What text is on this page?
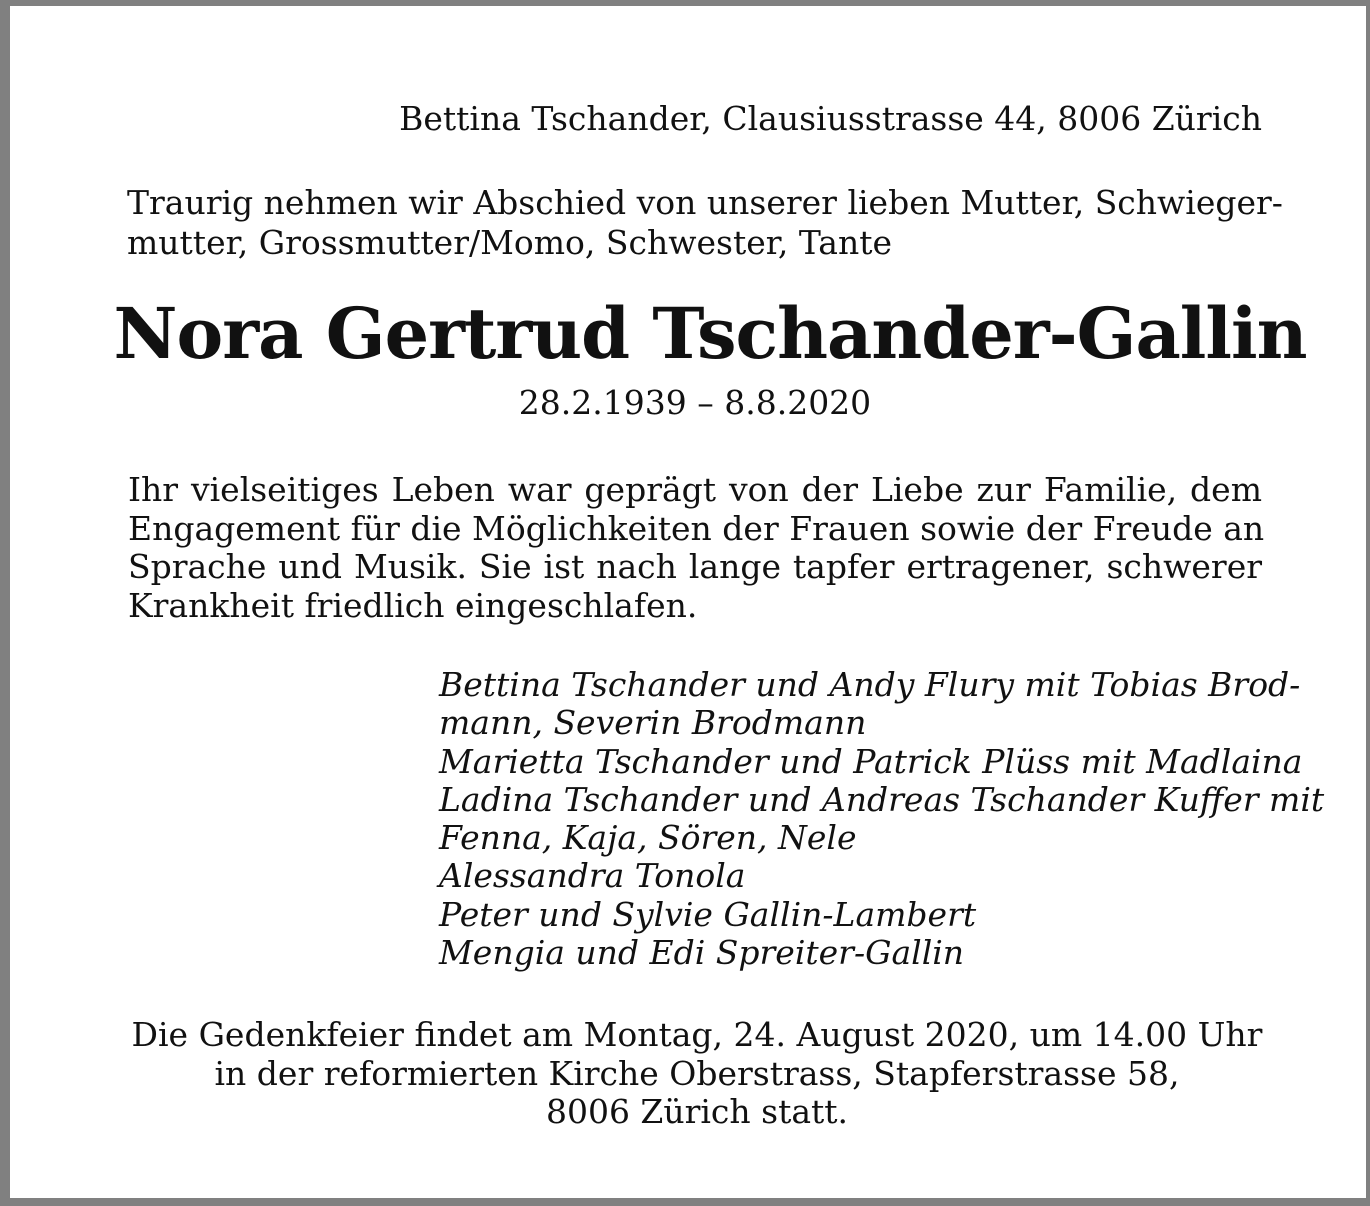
Bettina Tschander, Clausiusstrasse 44, 8006 Zürich
Traurig nehmen wir Abschied von unserer lieben Mutter, Schwieger-
mutter, Grossmutter/Momo, Schwester, Tante
Nora Gertrud Tschander-Gallin
28.2.1939 – 8.8.2020
Ihr vielseitiges Leben war geprägt von der Liebe zur Familie, dem
Engagement für die Möglichkeiten der Frauen sowie der Freude an
Sprache und Musik. Sie ist nach lange tapfer ertragener, schwerer
Krankheit friedlich eingeschlafen.
Bettina Tschander und Andy Flury mit Tobias Brod-
mann, Severin Brodmann
Marietta Tschander und Patrick Plüss mit Madlaina
Ladina Tschander und Andreas Tschander Kuffer mit
Fenna, Kaja, Sören, Nele
Alessandra Tonola
Peter und Sylvie Gallin-Lambert
Mengia und Edi Spreiter-Gallin
Die Gedenkfeier findet am Montag, 24. August 2020, um 14.00 Uhr
in der reformierten Kirche Oberstrass, Stapferstrasse 58,
8006 Zürich statt.
